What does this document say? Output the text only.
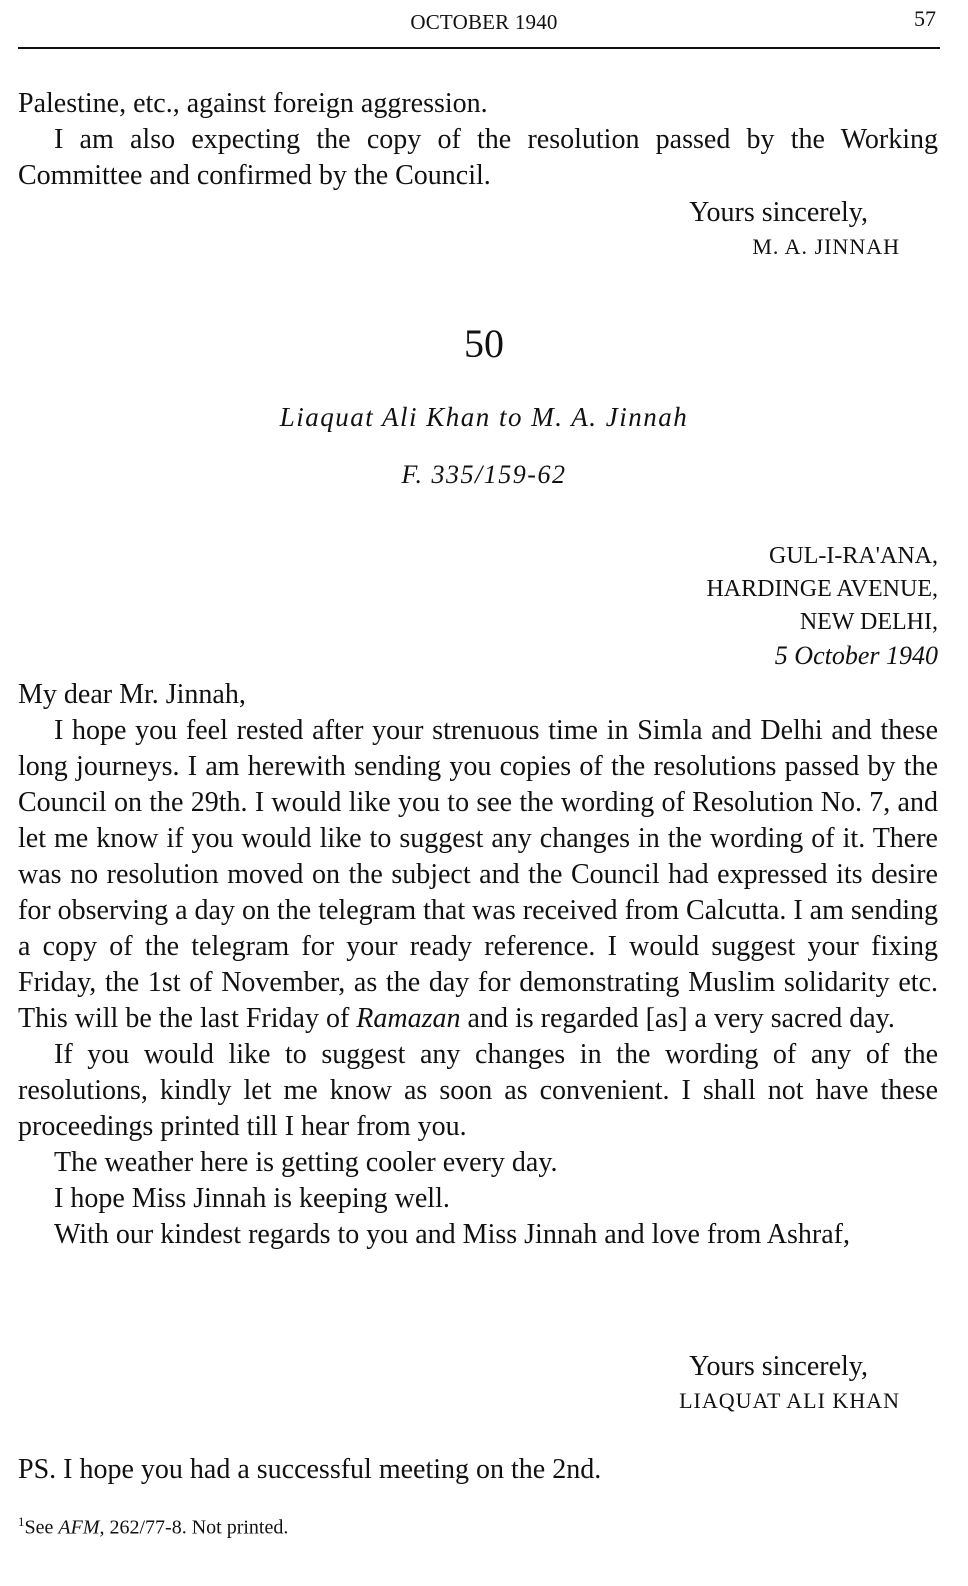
OCTOBER 1940	57

Palestine, etc., against foreign aggression.

I am also expecting the copy of the resolution passed by the Working Committee and confirmed by the Council.

Yours sincerely,
M. A. JINNAH
50
Liaquat Ali Khan to M. A. Jinnah
F. 335/159-62
GUL-I-RA'ANA,
HARDINGE AVENUE,
NEW DELHI,
5 October 1940

My dear Mr. Jinnah,

I hope you feel rested after your strenuous time in Simla and Delhi and these long journeys. I am herewith sending you copies of the resolutions passed by the Council on the 29th. I would like you to see the wording of Resolution No. 7, and let me know if you would like to suggest any changes in the wording of it. There was no resolution moved on the subject and the Council had expressed its desire for observing a day on the telegram that was received from Calcutta. I am sending a copy of the telegram for your ready reference. I would suggest your fixing Friday, the 1st of November, as the day for demonstrating Muslim solidarity etc. This will be the last Friday of Ramazan and is regarded [as] a very sacred day.

If you would like to suggest any changes in the wording of any of the resolutions, kindly let me know as soon as convenient. I shall not have these proceedings printed till I hear from you.

The weather here is getting cooler every day.

I hope Miss Jinnah is keeping well.

With our kindest regards to you and Miss Jinnah and love from Ashraf,

Yours sincerely,
LIAQUAT ALI KHAN

PS. I hope you had a successful meeting on the 2nd.

$^1$See AFM, 262/77-8. Not printed.
